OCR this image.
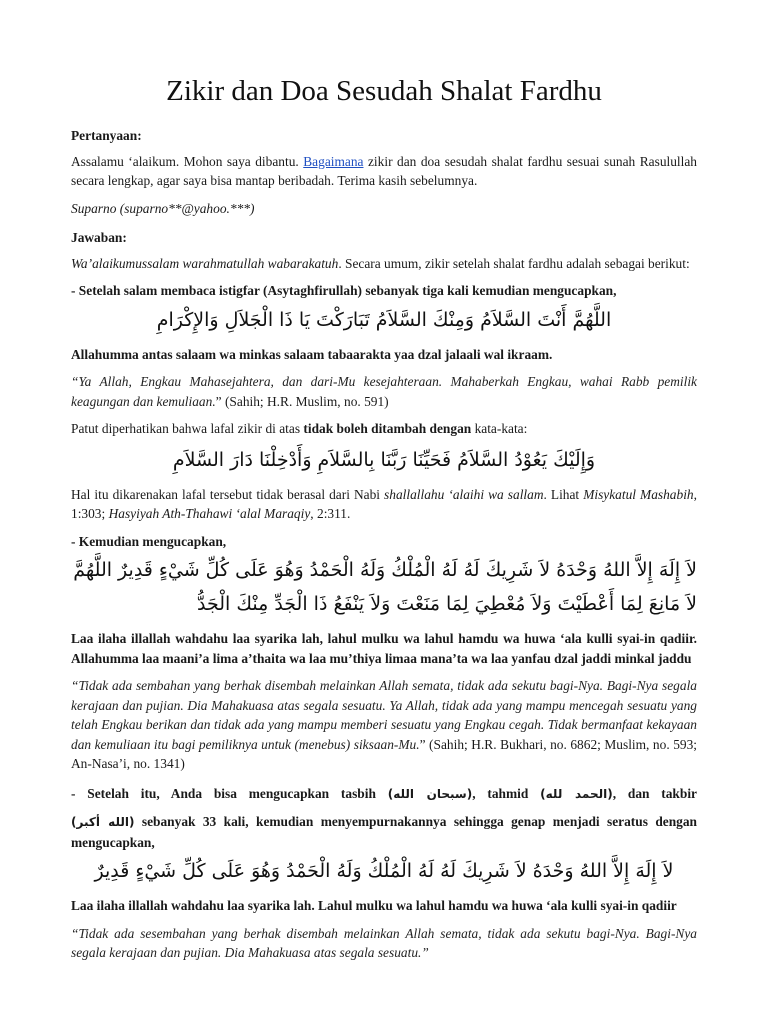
Zikir dan Doa Sesudah Shalat Fardhu

Pertanyaan:

Assalamu ‘alaikum. Mohon saya dibantu. Bagaimana zikir dan doa sesudah shalat fardhu sesuai sunah Rasulullah secara lengkap, agar saya bisa mantap beribadah. Terima kasih sebelumnya.

Suparno (suparno**@yahoo.***)

Jawaban:

Wa’alaikumussalam warahmatullah wabarakatuh. Secara umum, zikir setelah shalat fardhu adalah sebagai berikut:

- Setelah salam membaca istigfar (Asytaghfirullah) sebanyak tiga kali kemudian mengucapkan,

اللَّهُمَّ أَنْتَ السَّلاَمُ وَمِنْكَ السَّلاَمُ تَبَارَكْتَ يَا ذَا الْجَلاَلِ وَالإِكْرَامِ

Allahumma antas salaam wa minkas salaam tabaarakta yaa dzal jalaali wal ikraam.

“Ya Allah, Engkau Mahasejahtera, dan dari-Mu kesejahteraan. Mahaberkah Engkau, wahai Rabb pemilik keagungan dan kemuliaan.” (Sahih; H.R. Muslim, no. 591)

Patut diperhatikan bahwa lafal zikir di atas tidak boleh ditambah dengan kata-kata:

وَإِلَيْكَ يَعُوْدُ السَّلاَمُ فَحَيِّنَا رَبَّنَا بِالسَّلاَمِ وَأَدْخِلْنَا دَارَ السَّلاَمِ

Hal itu dikarenakan lafal tersebut tidak berasal dari Nabi shallallahu ‘alaihi wa sallam. Lihat Misykatul Mashabih, 1:303; Hasyiyah Ath-Thahawi ‘alal Maraqiy, 2:311.

- Kemudian mengucapkan,

لاَ إِلَهَ إِلاَّ اللهُ وَحْدَهُ لاَ شَرِيكَ لَهُ لَهُ الْمُلْكُ وَلَهُ الْحَمْدُ وَهُوَ عَلَى كُلِّ شَيْءٍ قَدِيرٌ اللَّهُمَّ لاَ مَانِعَ لِمَا أَعْطَيْتَ وَلاَ مُعْطِيَ لِمَا مَنَعْتَ وَلاَ يَنْفَعُ ذَا الْجَدِّ مِنْكَ الْجَدُّ

Laa ilaha illallah wahdahu laa syarika lah, lahul mulku wa lahul hamdu wa huwa ‘ala kulli syai-in qadiir. Allahumma laa maani’a lima a’thaita wa laa mu’thiya limaa mana’ta wa laa yanfau dzal jaddi minkal jaddu

“Tidak ada sembahan yang berhak disembah melainkan Allah semata, tidak ada sekutu bagi-Nya. Bagi-Nya segala kerajaan dan pujian. Dia Mahakuasa atas segala sesuatu. Ya Allah, tidak ada yang mampu mencegah sesuatu yang telah Engkau berikan dan tidak ada yang mampu memberi sesuatu yang Engkau cegah. Tidak bermanfaat kekayaan dan kemuliaan itu bagi pemiliknya untuk (menebus) siksaan-Mu.” (Sahih; H.R. Bukhari, no. 6862; Muslim, no. 593; An-Nasa’i, no. 1341)

- Setelah itu, Anda bisa mengucapkan tasbih (سبحان الله), tahmid (الحمد لله), dan takbir

(الله أكبر) sebanyak 33 kali, kemudian menyempurnakannya sehingga genap menjadi seratus dengan mengucapkan,

لاَ إِلَهَ إِلاَّ اللهُ وَحْدَهُ لاَ شَرِيكَ لَهُ لَهُ الْمُلْكُ وَلَهُ الْحَمْدُ وَهُوَ عَلَى كُلِّ شَيْءٍ قَدِيرٌ

Laa ilaha illallah wahdahu laa syarika lah. Lahul mulku wa lahul hamdu wa huwa ‘ala kulli syai-in qadiir

“Tidak ada sesembahan yang berhak disembah melainkan Allah semata, tidak ada sekutu bagi-Nya. Bagi-Nya segala kerajaan dan pujian. Dia Mahakuasa atas segala sesuatu.”
